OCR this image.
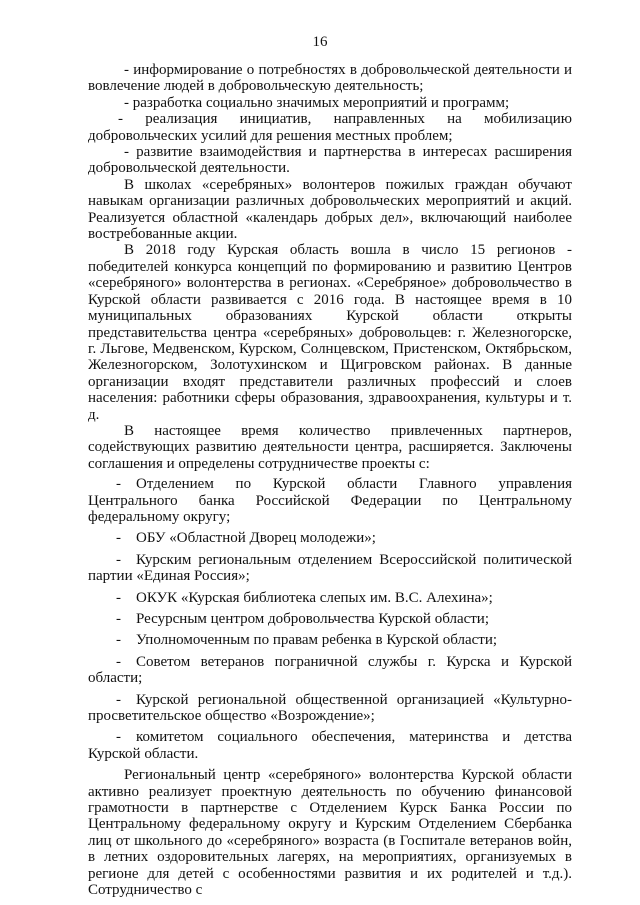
16

- информирование о потребностях в добровольческой деятельности и вовлечение людей в добровольческую деятельность;

- разработка социально значимых мероприятий и программ;

- реализация инициатив, направленных на мобилизацию добровольческих усилий для решения местных проблем;

- развитие взаимодействия и партнерства в интересах расширения добровольческой деятельности.

В школах «серебряных» волонтеров пожилых граждан обучают навыкам организации различных добровольческих мероприятий и акций. Реализуется областной «календарь добрых дел», включающий наиболее востребованные акции.

В 2018 году Курская область вошла в число 15 регионов - победителей конкурса концепций по формированию и развитию Центров «серебряного» волонтерства в регионах. «Серебряное» добровольчество в Курской области развивается с 2016 года. В настоящее время в 10 муниципальных образованиях Курской области открыты представительства центра «серебряных» добровольцев: г. Железногорске, г. Льгове, Медвенском, Курском, Солнцевском, Пристенском, Октябрьском, Железногорском, Золотухинском и Щигровском районах. В данные организации входят представители различных профессий и слоев населения: работники сферы образования, здравоохранения, культуры и т. д.

В настоящее время количество привлеченных партнеров, содействующих развитию деятельности центра, расширяется. Заключены соглашения и определены сотрудничестве проекты с:

-	Отделением по Курской области Главного управления Центрального банка Российской Федерации по Центральному федеральному округу;
-	ОБУ «Областной Дворец молодежи»;
-	Курским региональным отделением Всероссийской политической партии «Единая Россия»;
-	ОКУК «Курская библиотека слепых им. В.С. Алехина»;
-	Ресурсным центром добровольчества Курской области;
-	Уполномоченным по правам ребенка в Курской области;
-	Советом ветеранов пограничной службы г. Курска и Курской области;
-	Курской региональной общественной организацией «Культурно-просветительское общество «Возрождение»;
-	комитетом социального обеспечения, материнства и детства Курской области.

Региональный центр «серебряного» волонтерства Курской области активно реализует проектную деятельность по обучению финансовой грамотности в партнерстве с Отделением Курск Банка России по Центральному федеральному округу и Курским Отделением Сбербанка лиц от школьного до «серебряного» возраста (в Госпитале ветеранов войн, в летних оздоровительных лагерях, на мероприятиях, организуемых в регионе для детей с особенностями развития и их родителей и т.д.). Сотрудничество с
